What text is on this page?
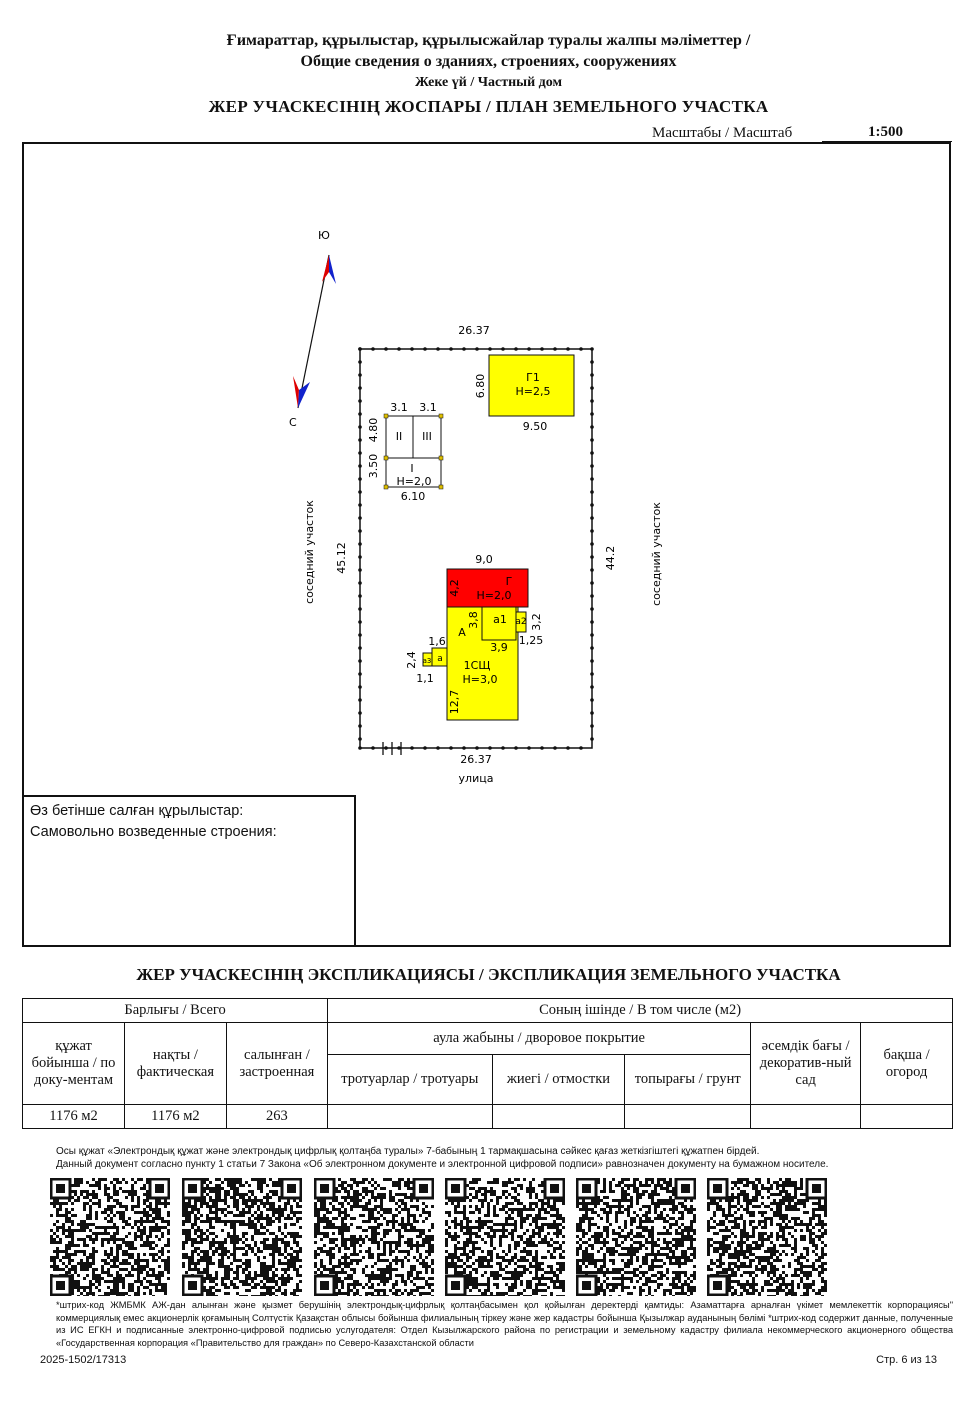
Ғимараттар, құрылыстар, құрылысжайлар туралы жалпы мәліметтер /
Общие сведения о зданиях, строениях, сооружениях
Жеке үй / Частный дом
ЖЕР УЧАСКЕСІНІҢ ЖОСПАРЫ / ПЛАН ЗЕМЕЛЬНОГО УЧАСТКА
Масштабы / Масштаб	1:500
Ю
С
26.37
26.37
улица
45.12	44.2
соседний участок	соседний участок
Г1
Н=2,5
6.80
9.50
3.1 3.1
II III
I
Н=2,0
6.10
4.80
3.50
Г
Н=2,0
9,0
4,2
а1
3,9
3,8	а2
1,25
3,2
А
1СЩ
Н=3,0
12,7
а
а3
1,6
2,4
1,1
Өз бетінше салған құрылыстар:
Самовольно возведенные строения:
ЖЕР УЧАСКЕСІНІҢ ЭКСПЛИКАЦИЯСЫ / ЭКСПЛИКАЦИЯ ЗЕМЕЛЬНОГО УЧАСТКА
Барлығы / Всего			Соның ішінде / В том числе (м2)				
құжат бойынша / по доку-ментам	нақты / фактическая	салынған / застроенная	аула жабыны / дворовое покрытие			әсемдік бағы / декоратив-ный сад	бақша / огород
			тротуарлар / тротуары	жиегі / отмостки	топырағы / грунт		
1176 м2	1176 м2	263					
Осы құжат «Электрондық құжат және электрондық цифрлық қолтаңба туралы» 7-бабының 1 тармақшасына сәйкес қағаз жеткізгіштегі құжатпен бірдей.
Данный документ согласно пункту 1 статьи 7 Закона «Об электронном документе и электронной цифровой подписи» равнозначен документу на бумажном носителе.
*штрих-код ЖМБМК АЖ-дан алынған және қызмет берушінің электрондық-цифрлық қолтаңбасымен қол қойылған деректерді қамтиды: Азаматтарға арналған үкімет мемлекеттік корпорациясы" коммерциялық емес акционерлік қоғамының Солтүстік Қазақстан облысы бойынша филиалының тіркеу және жер кадастры бойынша Қызылжар ауданының бөлімі *штрих-код содержит данные, полученные из ИС ЕГКН и подписанные электронно-цифровой подписью услугодателя: Отдел Кызылжарского района по регистрации и земельному кадастру филиала некоммерческого акционерного общества «Государственная корпорация «Правительство для граждан» по Северо-Казахстанской области
2025-1502/17313	Стр. 6 из 13
